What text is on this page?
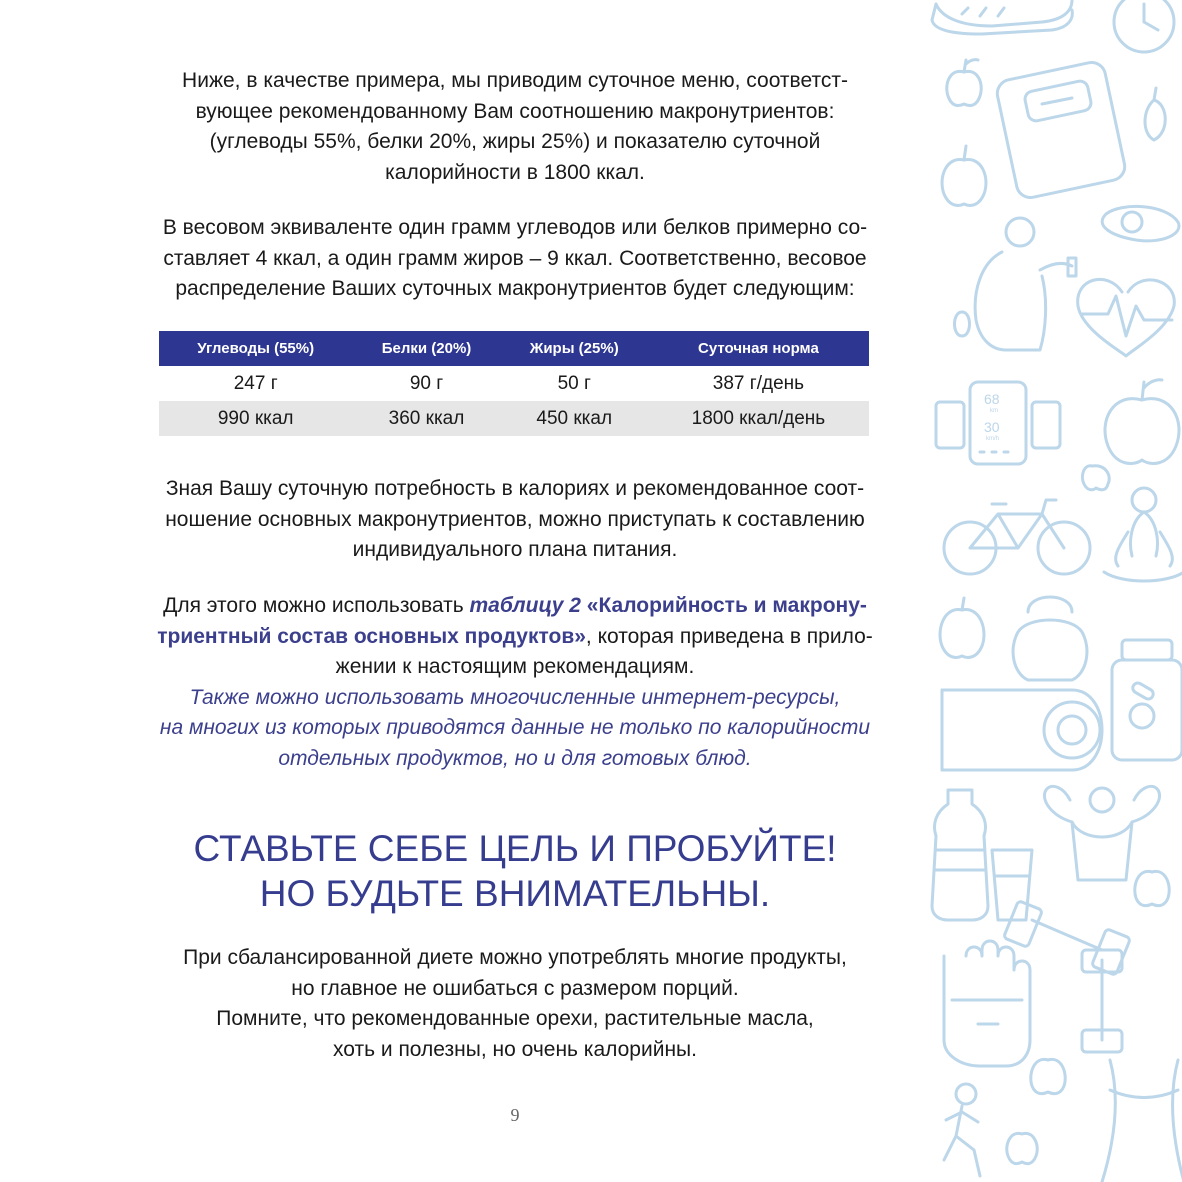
Ниже, в качестве примера, мы приводим суточное меню, соответст-
вующее рекомендованному Вам соотношению макронутриентов:
(углеводы 55%, белки 20%, жиры 25%) и показателю суточной
калорийности в 1800 ккал.

В весовом эквиваленте один грамм углеводов или белков примерно со-
ставляет 4 ккал, а один грамм жиров – 9 ккал. Соответственно, весовое
распределение Ваших суточных макронутриентов будет следующим:

Углеводы (55%)	Белки (20%)	Жиры (25%)	Суточная норма
247 г	90 г	50 г	387 г/день
990 ккал	360 ккал	450 ккал	1800 ккал/день

Зная Вашу суточную потребность в калориях и рекомендованное соот-
ношение основных макронутриентов, можно приступать к составлению
индивидуального плана питания.

Для этого можно использовать таблицу 2 «Калорийность и макрону-
триентный состав основных продуктов», которая приведена в прило-
жении к настоящим рекомендациям.
Также можно использовать многочисленные интернет-ресурсы,
на многих из которых приводятся данные не только по калорийности
отдельных продуктов, но и для готовых блюд.

СТАВЬТЕ СЕБЕ ЦЕЛЬ И ПРОБУЙТЕ!
НО БУДЬТЕ ВНИМАТЕЛЬНЫ.

При сбалансированной диете можно употреблять многие продукты,
но главное не ошибаться с размером порций.
Помните, что рекомендованные орехи, растительные масла,
хоть и полезны, но очень калорийны.

9
68
km
30
km/h
